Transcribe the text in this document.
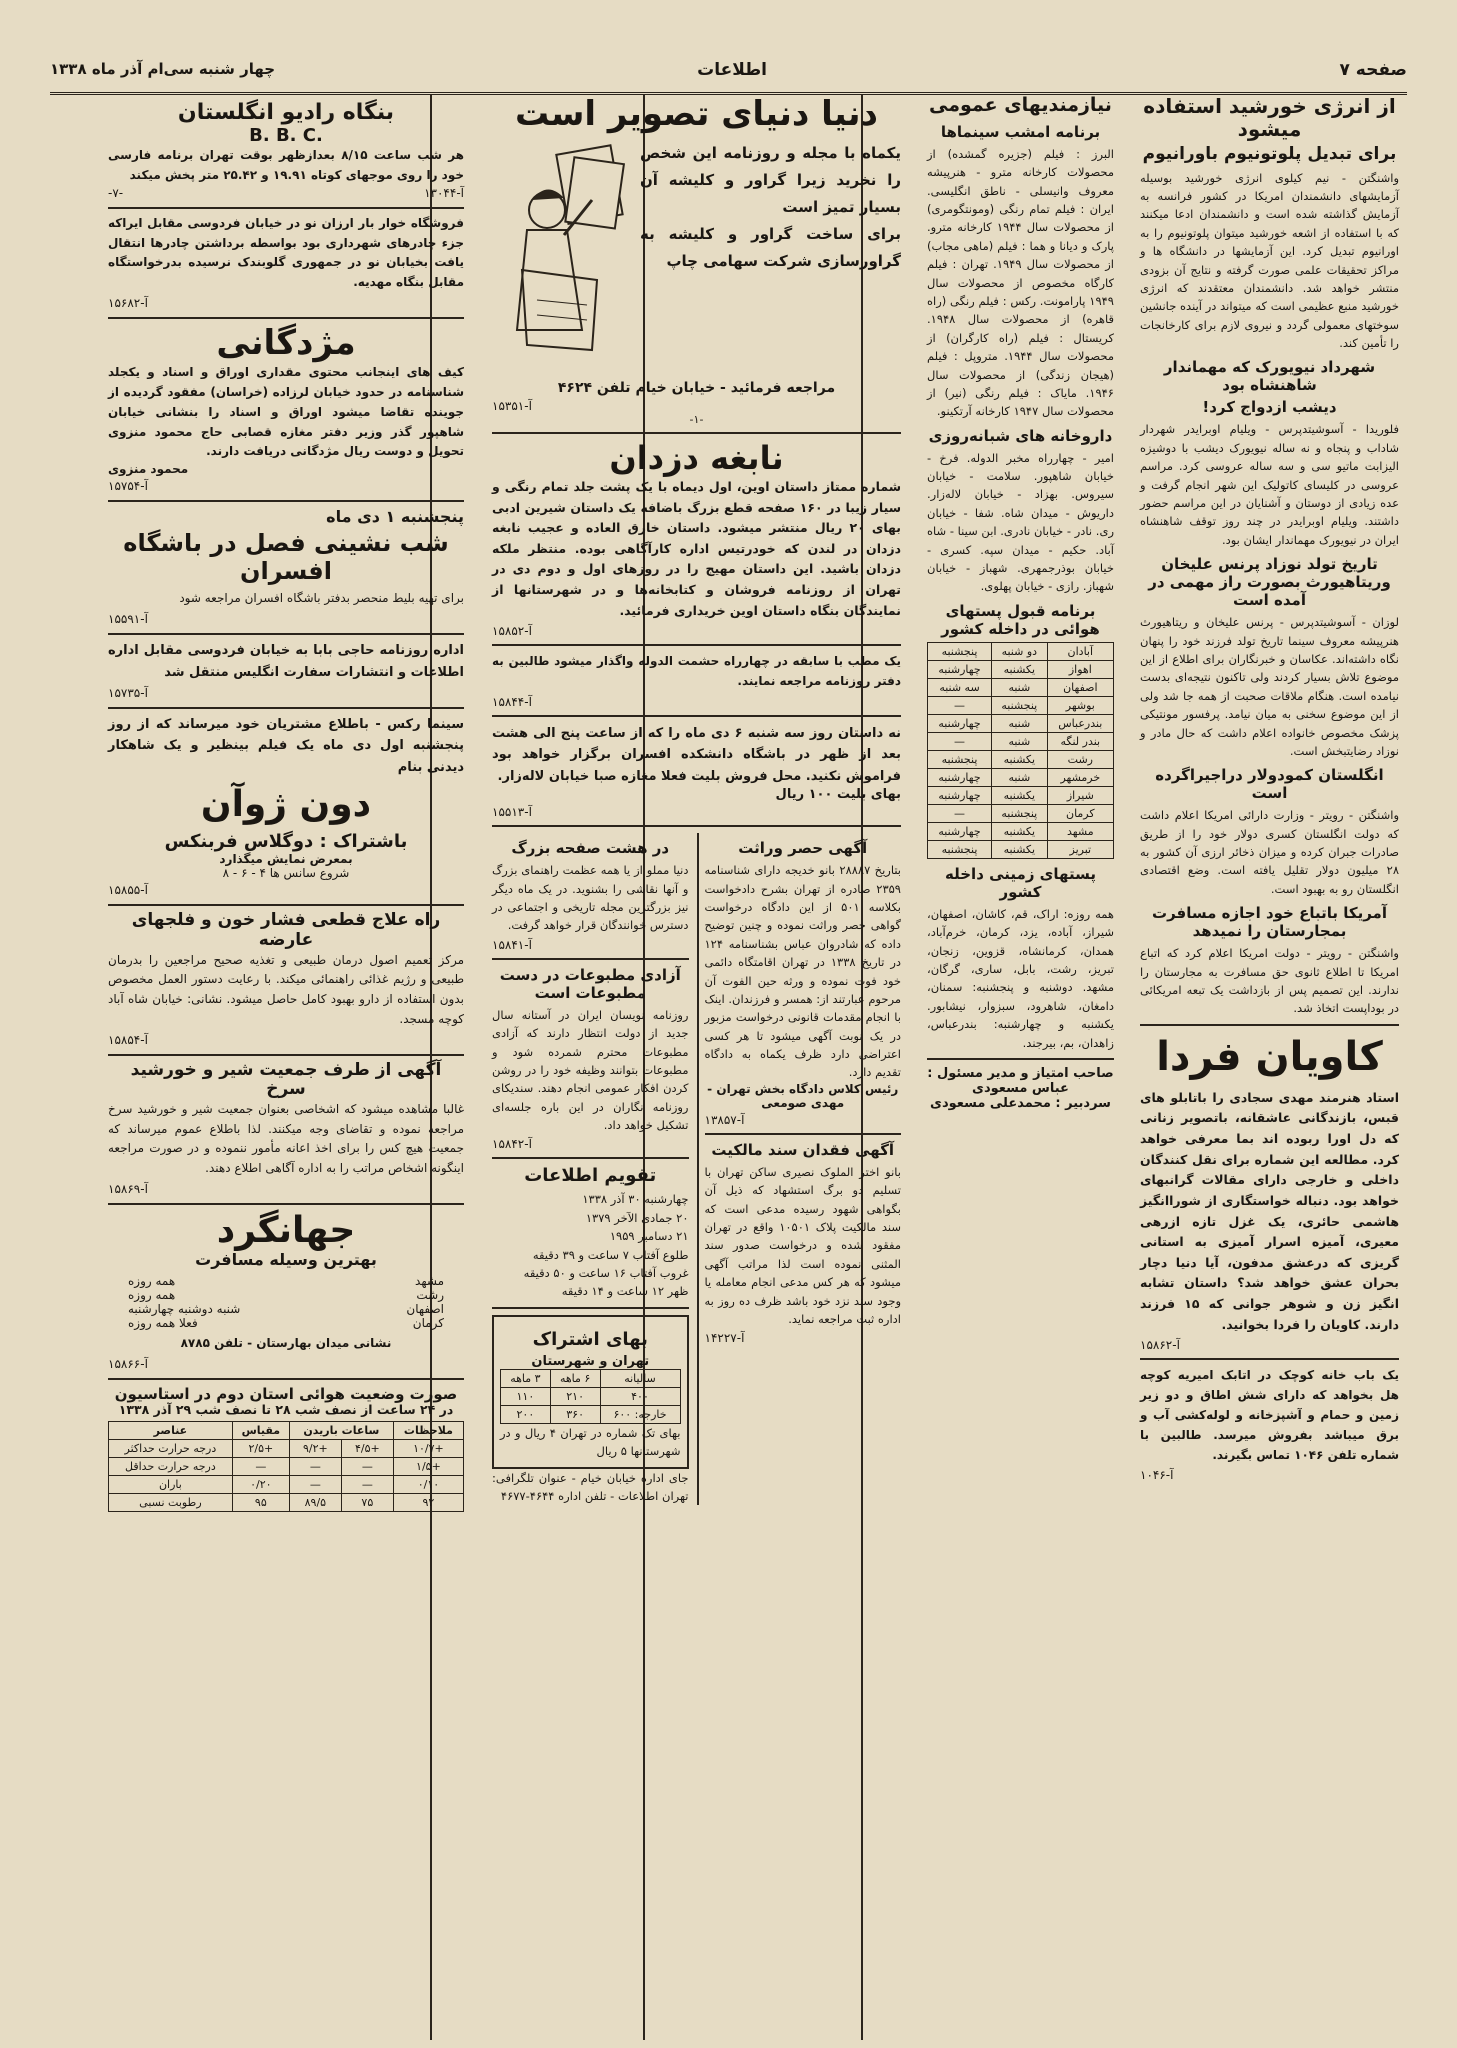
صفحه ۷
اطلاعات
چهار شنبه سی‌ام آذر ماه ۱۳۳۸
از انرژی خورشید استفاده میشود
برای تبدیل پلوتونیوم باورانیوم
واشنگتن - نیم کیلوی انرژی خورشید بوسیله آزمایشهای دانشمندان امریکا در کشور فرانسه به آزمایش گذاشته شده است و دانشمندان ادعا میکنند که با استفاده از اشعه خورشید میتوان پلوتونیوم را به اورانیوم تبدیل کرد. این آزمایشها در دانشگاه ها و مراکز تحقیقات علمی صورت گرفته و نتایج آن بزودی منتشر خواهد شد. دانشمندان معتقدند که انرژی خورشید منبع عظیمی است که میتواند در آینده جانشین سوختهای معمولی گردد و نیروی لازم برای کارخانجات را تأمین کند.
شهرداد نیویورک که مهماندار شاهنشاه بود
دیشب ازدواج کرد!
فلوریدا - آسوشیتدپرس - ویلیام اوبرایدر شهردار شاداب و پنجاه و نه ساله نیویورک دیشب با دوشیزه الیزابت ماتیو سی و سه ساله عروسی کرد. مراسم عروسی در کلیسای کاتولیک این شهر انجام گرفت و عده زیادی از دوستان و آشنایان در این مراسم حضور داشتند. ویلیام اوبرایدر در چند روز توقف شاهنشاه ایران در نیویورک مهماندار ایشان بود.
تاریخ تولد نوزاد پرنس علیخان وریتاهیورث بصورت راز مهمی در آمده است
لوزان - آسوشیتدپرس - پرنس علیخان و ریتاهیورث هنرپیشه معروف سینما تاریخ تولد فرزند خود را پنهان نگاه داشته‌اند. عکاسان و خبرنگاران برای اطلاع از این موضوع تلاش بسیار کردند ولی تاکنون نتیجه‌ای بدست نیامده است. هنگام ملاقات صحبت از همه جا شد ولی از این موضوع سخنی به میان نیامد. پرفسور مونتیکی پزشک مخصوص خانواده اعلام داشت که حال مادر و نوزاد رضایتبخش است.
انگلستان کمودولار دراجیراگرده است
واشنگتن - رویتر - وزارت دارائی امریکا اعلام داشت که دولت انگلستان کسری دولار خود را از طریق صادرات جبران کرده و میزان ذخائر ارزی آن کشور به ۲۸ میلیون دولار تقلیل یافته است. وضع اقتصادی انگلستان رو به بهبود است.
آمریکا باتباع خود اجازه مسافرت بمجارستان را نمیدهد
واشنگتن - رویتر - دولت امریکا اعلام کرد که اتباع امریکا تا اطلاع ثانوی حق مسافرت به مجارستان را ندارند. این تصمیم پس از بازداشت یک تبعه امریکائی در بوداپست اتخاذ شد.
کاویان فردا
استاد هنرمند مهدی سجادی را باتابلو های قبس، بازندگانی عاشقانه، باتصویر زنانی که دل اورا ربوده اند بما معرفی خواهد کرد. مطالعه این شماره برای نقل کنندگان داخلی و خارجی دارای مقالات گرانبهای خواهد بود. دنباله خواستگاری از شوراانگیز هاشمی حائری، یک غزل تازه ازرهی معیری، آمیزه اسرار آمیزی به استانی گریزی که درعشق مدفون، آیا دنیا دچار بحران عشق خواهد شد؟ داستان تشابه انگیز زن و شوهر جوانی که ۱۵ فرزند دارند. کاویان را فردا بخوانید.
آ-۱۵۸۶۲
یک باب خانه کوچک در اتابک امیریه کوچه هل بخواهد که دارای شش اطاق و دو زیر زمین و حمام و آشپزخانه و لوله‌کشی آب و برق میباشد بفروش میرسد. طالبین با شماره تلفن ۱۰۴۶ تماس بگیرند.
آ-۱۰۴۶
نیازمندیهای عمومی
برنامه امشب سینماها
البرز : فیلم (جزیره گمشده) از محصولات کارخانه مترو - هنرپیشه معروف وانیسلی - ناطق انگلیسی. ایران : فیلم تمام رنگی (ومونتگومری) از محصولات سال ۱۹۴۴ کارخانه مترو. پارک و دیانا و هما : فیلم (ماهی مجاب) از محصولات سال ۱۹۴۹. تهران : فیلم کارگاه مخصوص از محصولات سال ۱۹۴۹ پارامونت. رکس : فیلم رنگی (راه قاهره) از محصولات سال ۱۹۴۸. کریستال : فیلم (راه کارگران) از محصولات سال ۱۹۴۴. متروپل : فیلم (هیجان زندگی) از محصولات سال ۱۹۴۶. مایاک : فیلم رنگی (نیر) از محصولات سال ۱۹۴۷ کارخانه آرتکینو.
داروخانه های شبانه‌روزی
امیر - چهارراه مخبر الدوله. فرخ - خیابان شاهپور. سلامت - خیابان سیروس. بهزاد - خیابان لاله‌زار. داریوش - میدان شاه. شفا - خیابان ری. نادر - خیابان نادری. ابن سینا - شاه آباد. حکیم - میدان سپه. کسری - خیابان بوذرجمهری. شهباز - خیابان شهباز. رازی - خیابان پهلوی.
برنامه قبول پستهای هوائی در داخله کشور
آبادان	دو شنبه	پنجشنبه
اهواز	یکشنبه	چهارشنبه
اصفهان	شنبه	سه شنبه
بوشهر	پنجشنبه	—
بندرعباس	شنبه	چهارشنبه
بندر لنگه	شنبه	—
رشت	یکشنبه	پنجشنبه
خرمشهر	شنبه	چهارشنبه
شیراز	یکشنبه	چهارشنبه
کرمان	پنجشنبه	—
مشهد	یکشنبه	چهارشنبه
تبریز	یکشنبه	پنجشنبه
پستهای زمینی داخله کشور
همه روزه: اراک، قم، کاشان، اصفهان، شیراز، آباده، یزد، کرمان، خرم‌آباد، همدان، کرمانشاه، قزوین، زنجان، تبریز، رشت، بابل، ساری، گرگان، مشهد. دوشنبه و پنجشنبه: سمنان، دامغان، شاهرود، سبزوار، نیشابور. یکشنبه و چهارشنبه: بندرعباس، زاهدان، بم، بیرجند.
صاحب امتیاز و مدیر مسئول : عباس مسعودی
سردبیر : محمدعلی مسعودی
دنیا دنیای تصویر است
یکماه با مجله و روزنامه این شخص را نخرید زیرا گراور و کلیشه آن بسیار تمیز است
برای ساخت گراور و کلیشه به گراورسازی شرکت سهامی چاپ
مراجعه فرمائید - خیابان خیام تلفن ۴۶۲۴
آ-۱۵۳۵۱
-۱-
نابغه دزدان
شماره ممتاز داستان اوین، اول دیماه با یک پشت جلد تمام رنگی و سیار زیبا در ۱۶۰ صفحه قطع بزرگ باضافه یک داستان شیرین ادبی بهای ۲۰ ریال منتشر میشود. داستان خارق العاده و عجیب نابغه دزدان در لندن که خودرتیس اداره کارآگاهی بوده. منتظر ملکه دزدان باشید. این داستان مهیج را در روزهای اول و دوم دی در تهران از روزنامه فروشان و کتابخانه‌ها و در شهرستانها از نمایندگان بنگاه داستان اوین خریداری فرمائید.
آ-۱۵۸۵۲
یک مطب با سابقه در چهارراه حشمت الدوله واگذار میشود طالبین به دفتر روزنامه مراجعه نمایند.
آ-۱۵۸۴۴
نه داستان روز سه شنبه ۶ دی ماه را که از ساعت پنج الی هشت بعد از ظهر در باشگاه دانشکده افسران برگزار خواهد بود فراموش نکنید. محل فروش بلیت فعلا مغازه صبا خیابان لاله‌زار.
بهای بلیت ۱۰۰ ریال
آ-۱۵۵۱۳
آگهی حصر وراثت
بتاریخ ۲۸۸۸۷ بانو خدیجه دارای شناسنامه ۲۳۵۹ صادره از تهران بشرح دادخواست بکلاسه ۵۰۱ از این دادگاه درخواست گواهی حصر وراثت نموده و چنین توضیح داده که شادروان عباس بشناسنامه ۱۲۴ در تاریخ ۱۳۳۸ در تهران اقامتگاه دائمی خود فوت نموده و ورثه حین الفوت آن مرحوم عبارتند از: همسر و فرزندان. اینک با انجام مقدمات قانونی درخواست مزبور در یک نوبت آگهی میشود تا هر کسی اعتراضی دارد ظرف یکماه به دادگاه تقدیم دارد.
رئیس کلاس دادگاه بخش تهران - مهدی صومعی
آ-۱۳۸۵۷
آگهی فقدان سند مالکیت
بانو اختر الملوک نصیری ساکن تهران با تسلیم دو برگ استشهاد که ذیل آن بگواهی شهود رسیده مدعی است که سند مالکیت پلاک ۱۰۵۰۱ واقع در تهران مفقود شده و درخواست صدور سند المثنی نموده است لذا مراتب آگهی میشود که هر کس مدعی انجام معامله یا وجود سند نزد خود باشد ظرف ده روز به اداره ثبت مراجعه نماید.
آ-۱۴۲۲۷
در هشت صفحه بزرگ
دنیا مملو از یا همه عظمت راهنمای بزرگ و آنها نقاشی را بشنوید. در یک ماه دیگر نیز بزرگترین مجله تاریخی و اجتماعی در دسترس خوانندگان قرار خواهد گرفت.
آ-۱۵۸۴۱
آزادی مطبوعات در دست مطبوعات است
روزنامه نویسان ایران در آستانه سال جدید از دولت انتظار دارند که آزادی مطبوعات محترم شمرده شود و مطبوعات بتوانند وظیفه خود را در روشن کردن افکار عمومی انجام دهند. سندیکای روزنامه نگاران در این باره جلسه‌ای تشکیل خواهد داد.
آ-۱۵۸۴۲
تقویم اطلاعات
چهارشنبه ۳۰ آذر ۱۳۳۸
۲۰ جمادی الآخر ۱۳۷۹
۲۱ دسامبر ۱۹۵۹
طلوع آفتاب ۷ ساعت و ۳۹ دقیقه
غروب آفتاب ۱۶ ساعت و ۵۰ دقیقه
ظهر ۱۲ ساعت و ۱۴ دقیقه
بهای اشتراک
تهران و شهرستان
سالیانه	۶ ماهه	۳ ماهه
۴۰۰	۲۱۰	۱۱۰
خارجه: ۶۰۰	۳۶۰	۲۰۰
بهای تک شماره در تهران ۴ ریال و در شهرستانها ۵ ریال
جای اداره خیابان خیام - عنوان تلگرافی: تهران اطلاعات - تلفن اداره ۴۶۴۴-۴۶۷۷
بنگاه رادیو انگلستان
B. B. C.
هر شب ساعت ۸/۱۵ بعدازظهر بوقت تهران برنامه فارسی خود را روی موجهای کوتاه ۱۹.۹۱ و ۲۵.۴۲ متر پخش میکند
آ-۱۳۰۴۴
-۷-
فروشگاه خوار بار ارزان نو در خیابان فردوسی مقابل ایراکه جزء چادرهای شهرداری بود بواسطه برداشتن چادرها انتقال یافت بخیابان نو در جمهوری گلوبندک نرسیده بدرخواستگاه مقابل بنگاه مهدیه.
آ-۱۵۶۸۲
مژدگانی
کیف های اینجانب محتوی مقداری اوراق و اسناد و یکجلد شناسنامه در حدود خیابان لرزاده (خراسان) مفقود گردیده از جوینده تقاضا میشود اوراق و اسناد را بنشانی خیابان شاهپور گذر وزیر دفتر مغازه قصابی حاج محمود منزوی تحویل و دوست ریال مژدگانی دریافت دارند.
محمود منزوی
آ-۱۵۷۵۴
پنجشنبه ۱ دی ماه
شب نشینی فصل در باشگاه افسران
برای تهیه بلیط منحصر بدفتر باشگاه افسران مراجعه شود
آ-۱۵۵۹۱
اداره روزنامه حاجی بابا به خیابان فردوسی مقابل اداره اطلاعات و انتشارات سفارت انگلیس منتقل شد
آ-۱۵۷۳۵
سینما رکس - باطلاع مشتریان خود میرساند که از روز پنجشنبه اول دی ماه یک فیلم بینظیر و یک شاهکار دیدنی بنام
دون ژوآن
باشتراک : دوگلاس فربنکس
بمعرض نمایش میگذارد
شروع سانس ها ۴ - ۶ - ۸
آ-۱۵۸۵۵
راه علاج قطعی فشار خون و فلجهای عارضه
مرکز تعمیم اصول درمان طبیعی و تغذیه صحیح مراجعین را بدرمان طبیعی و رژیم غذائی راهنمائی میکند. با رعایت دستور العمل مخصوص بدون استفاده از دارو بهبود کامل حاصل میشود. نشانی: خیابان شاه آباد کوچه مسجد.
آ-۱۵۸۵۴
آگهی از طرف جمعیت شیر و خورشید سرخ
غالبا مشاهده میشود که اشخاصی بعنوان جمعیت شیر و خورشید سرخ مراجعه نموده و تقاضای وجه میکنند. لذا باطلاع عموم میرساند که جمعیت هیچ کس را برای اخذ اعانه مأمور ننموده و در صورت مراجعه اینگونه اشخاص مراتب را به اداره آگاهی اطلاع دهند.
آ-۱۵۸۶۹
جهانگرد
بهترین وسیله مسافرت
مشهد
همه روزه
رشت
همه روزه
اصفهان
شنبه دوشنبه چهارشنبه
کرمان
فعلا همه روزه
نشانی میدان بهارستان - تلفن ۸۷۸۵
آ-۱۵۸۶۶
صورت وضعیت هوائی استان دوم در استاسیون
در ۲۴ ساعت از نصف شب ۲۸ تا نصف شب ۲۹ آذر ۱۳۳۸
ملاحظات	ساعات باریدن		مقیاس	عناصر
+۱۰/۷	+۴/۵	+۹/۲	+۲/۵	درجه حرارت حداکثر
+۱/۵	—	—	—	درجه حرارت حداقل
۰/۱۰	—	—	۰/۲۰	باران
۹۲	۷۵	۸۹/۵	۹۵	رطوبت نسبی
